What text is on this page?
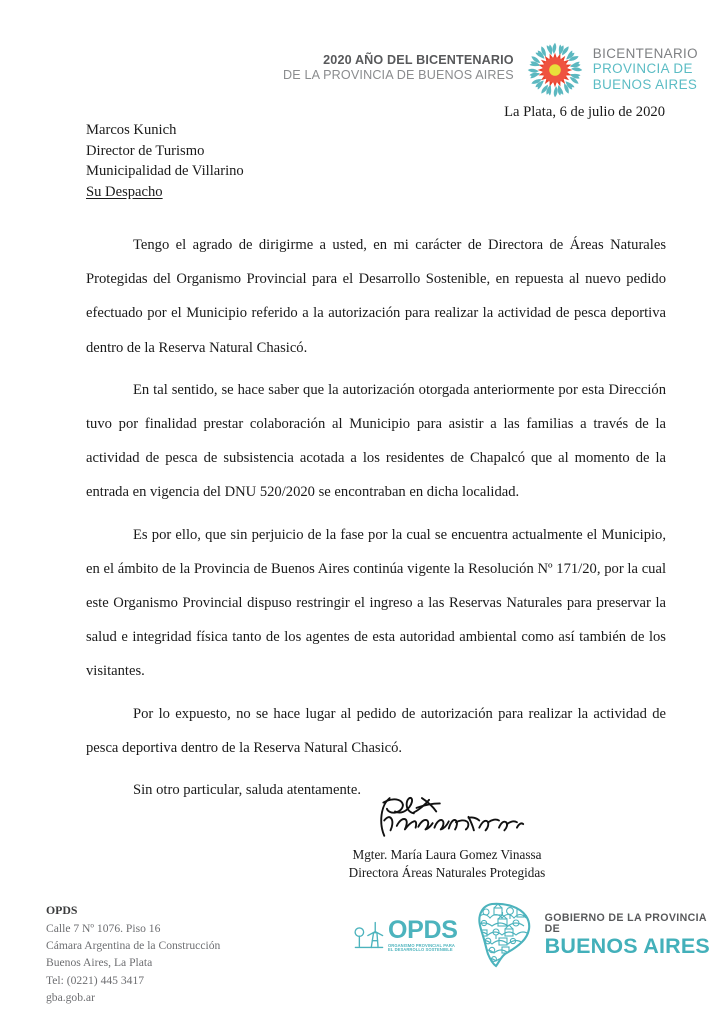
2020 AÑO DEL BICENTENARIO
DE LA PROVINCIA DE BUENOS AIRES
BICENTENARIO
PROVINCIA DE
BUENOS AIRES
La Plata, 6 de julio de 2020
Marcos Kunich
Director de Turismo
Municipalidad de Villarino
Su Despacho

Tengo el agrado de dirigirme a usted, en mi carácter de Directora de Áreas Naturales Protegidas del Organismo Provincial para el Desarrollo Sostenible, en repuesta al nuevo pedido efectuado por el Municipio referido a la autorización para realizar la actividad de pesca deportiva dentro de la Reserva Natural Chasicó.

En tal sentido, se hace saber que la autorización otorgada anteriormente por esta Dirección tuvo por finalidad prestar colaboración al Municipio para asistir a las familias a través de la actividad de pesca de subsistencia acotada a los residentes de Chapalcó que al momento de la entrada en vigencia del DNU 520/2020 se encontraban en dicha localidad.

Es por ello, que sin perjuicio de la fase por la cual se encuentra actualmente el Municipio, en el ámbito de la Provincia de Buenos Aires continúa vigente la Resolución Nº 171/20, por la cual este Organismo Provincial dispuso restringir el ingreso a las Reservas Naturales para preservar la salud e integridad física tanto de los agentes de esta autoridad ambiental como así también de los visitantes.

Por lo expuesto, no se hace lugar al pedido de autorización para realizar la actividad de pesca deportiva dentro de la Reserva Natural Chasicó.

Sin otro particular, saluda atentamente.

Mgter. María Laura Gomez Vinassa
Directora Áreas Naturales Protegidas
OPDS
Calle 7 Nº 1076. Piso 16
Cámara Argentina de la Construcción
Buenos Aires, La Plata
Tel: (0221) 445 3417
gba.gob.ar
OPDS
ORGANISMO PROVINCIAL PARA
EL DESARROLLO SOSTENIBLE
GOBIERNO DE LA PROVINCIA DE
BUENOS AIRES
